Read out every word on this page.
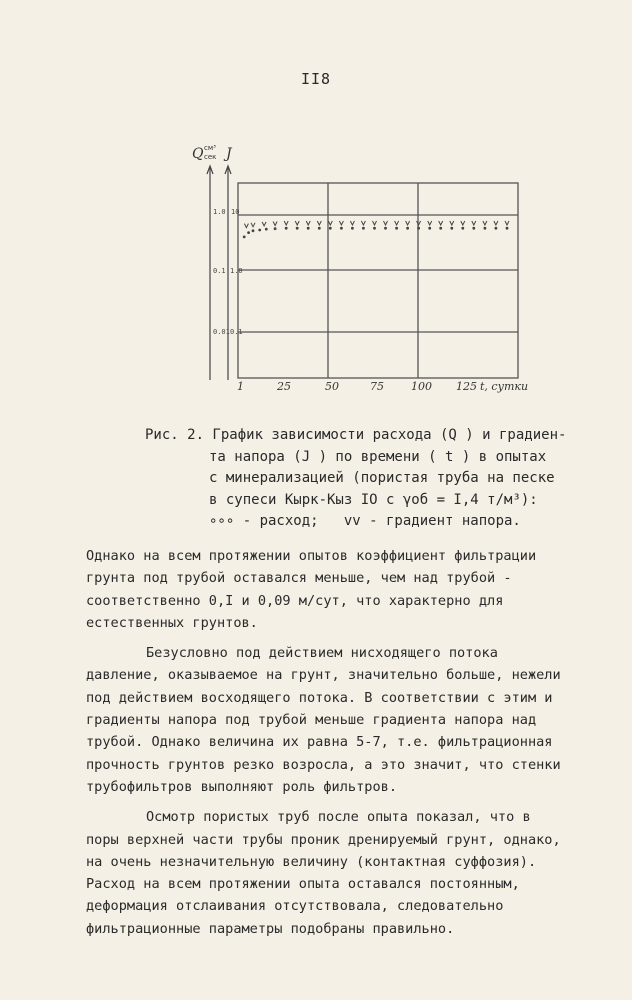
II8
Q см³
сек J
1.0
0.1
0.01
10
1.0
0.1
1	25	50	75 100 125 t, сутки
Рис. 2. График зависимости расхода (Q ) и градиен-
та напора (J ) по времени ( t ) в опытах
с минерализацией (пористая труба на песке
в супеси Кырк-Кыз IO с γоб = I,4 т/м³):
∘∘∘ - расход;   vv - градиент напора.

Однако на всем протяжении опытов коэффициент фильтрации грунта под трубой оставался меньше, чем над трубой - соответственно 0,I и 0,09 м/сут, что характерно для естественных грунтов.

Безусловно под действием нисходящего потока давление, оказываемое на грунт, значительно больше, нежели под действием восходящего потока. В соответствии с этим и градиенты напора под трубой меньше градиента напора над трубой. Однако величина их равна 5-7, т.е. фильтрационная прочность грунтов резко возросла, а это значит, что стенки трубофильтров выполняют роль фильтров.

Осмотр пористых труб после опыта показал, что в поры верхней части трубы проник дренируемый грунт, однако, на очень незначительную величину (контактная суффозия). Расход на всем протяжении опыта оставался постоянным, деформация отслаивания отсутствовала, следовательно фильтрационные параметры подобраны правильно.
